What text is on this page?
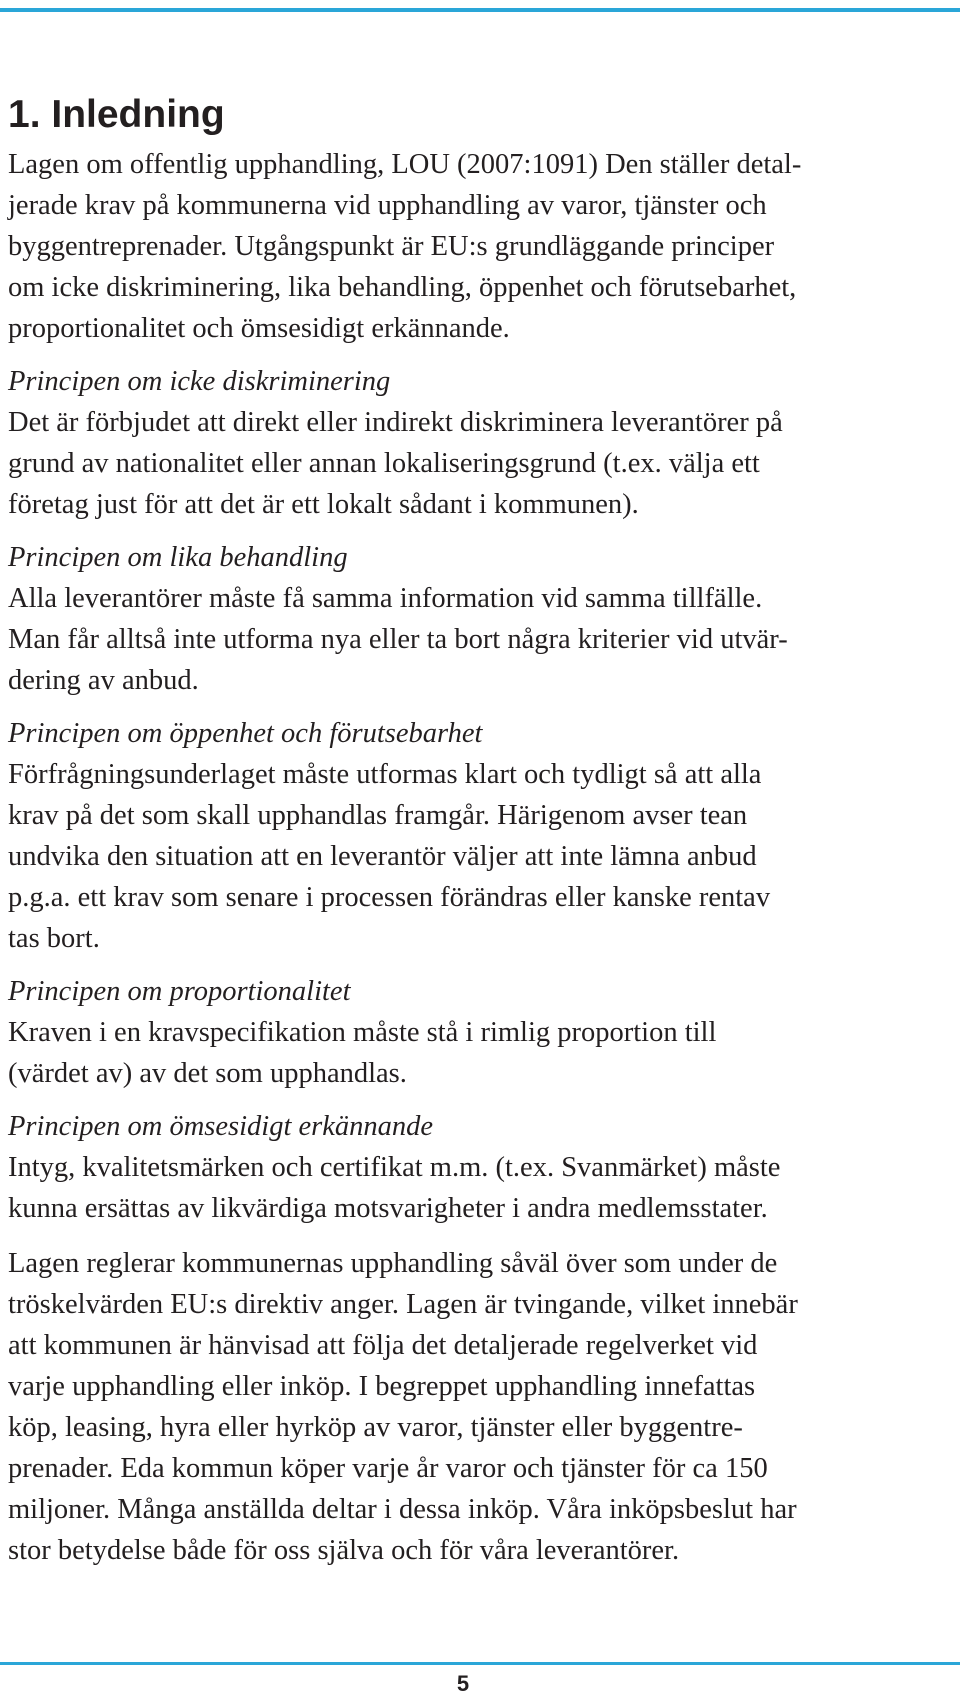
1. Inledning

Lagen om offentlig upphandling, LOU (2007:1091) Den ställer detal-
jerade krav på kommunerna vid upphandling av varor, tjänster och
byggentreprenader. Utgångspunkt är EU:s grundläggande principer
om icke diskriminering, lika behandling, öppenhet och förutsebarhet,
proportionalitet och ömsesidigt erkännande.

Principen om icke diskriminering

Det är förbjudet att direkt eller indirekt diskriminera leverantörer på
grund av nationalitet eller annan lokaliseringsgrund (t.ex. välja ett
företag just för att det är ett lokalt sådant i kommunen).

Principen om lika behandling

Alla leverantörer måste få samma information vid samma tillfälle.
Man får alltså inte utforma nya eller ta bort några kriterier vid utvär-
dering av anbud.

Principen om öppenhet och förutsebarhet

Förfrågningsunderlaget måste utformas klart och tydligt så att alla
krav på det som skall upphandlas framgår. Härigenom avser tean
undvika den situation att en leverantör väljer att inte lämna anbud
p.g.a. ett krav som senare i processen förändras eller kanske rentav
tas bort.

Principen om proportionalitet

Kraven i en kravspecifikation måste stå i rimlig proportion till
(värdet av) av det som upphandlas.

Principen om ömsesidigt erkännande

Intyg, kvalitetsmärken och certifikat m.m. (t.ex. Svanmärket) måste
kunna ersättas av likvärdiga motsvarigheter i andra medlemsstater.

Lagen reglerar kommunernas upphandling såväl över som under de
tröskelvärden EU:s direktiv anger. Lagen är tvingande, vilket innebär
att kommunen är hänvisad att följa det detaljerade regelverket vid
varje upphandling eller inköp. I begreppet upphandling innefattas
köp, leasing, hyra eller hyrköp av varor, tjänster eller byggentre-
prenader. Eda kommun köper varje år varor och tjänster för ca 150
miljoner. Många anställda deltar i dessa inköp. Våra inköpsbeslut har
stor betydelse både för oss själva och för våra leverantörer.

5
